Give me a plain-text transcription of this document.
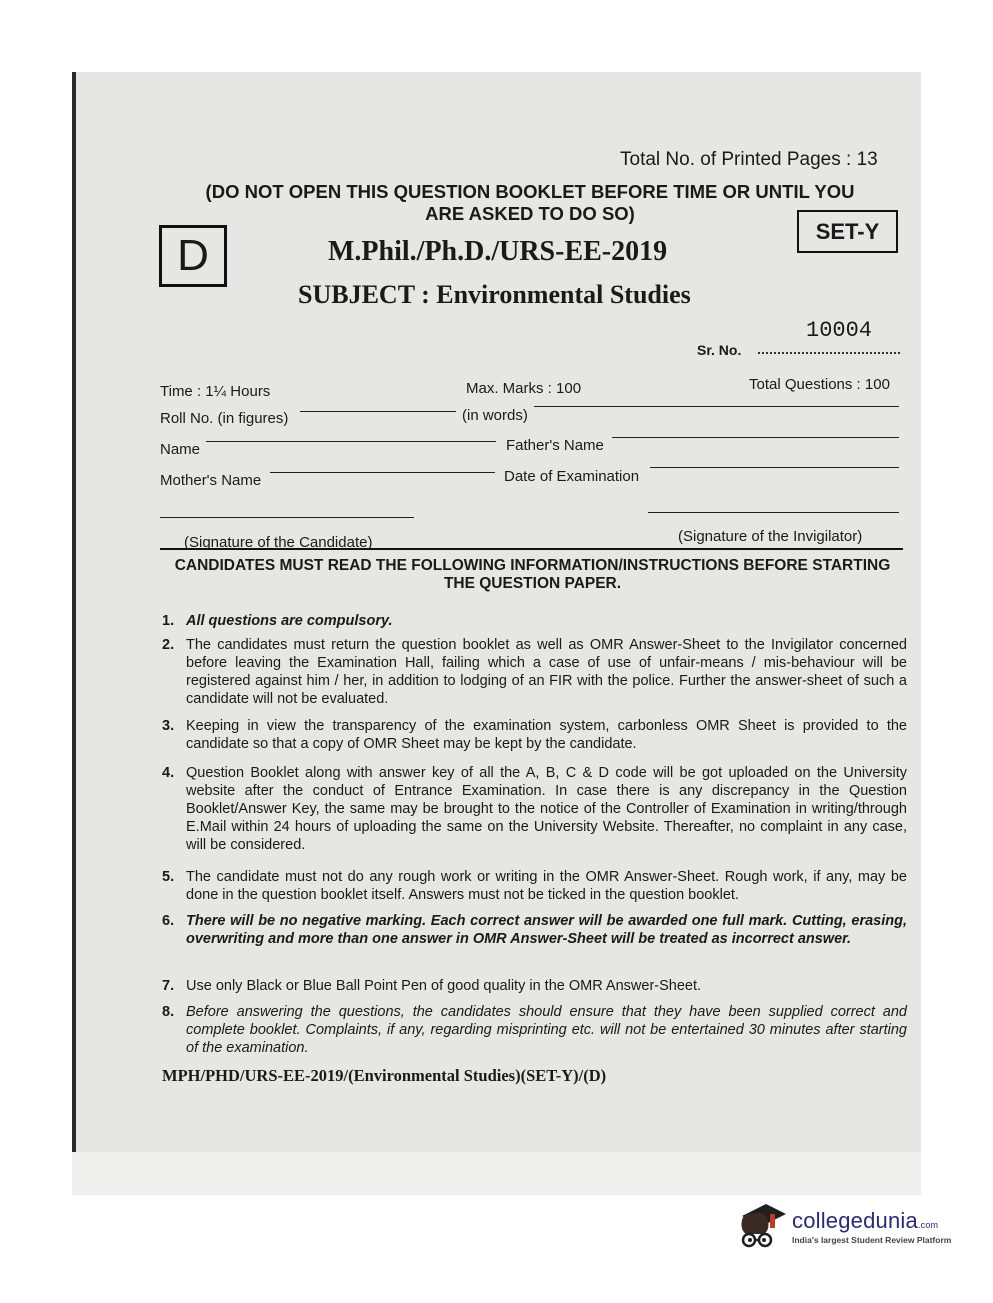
Total No. of Printed Pages : 13
(DO NOT OPEN THIS QUESTION BOOKLET BEFORE TIME OR UNTIL YOU
ARE ASKED TO DO SO)
D	SET-Y
M.Phil./Ph.D./URS-EE-2019
SUBJECT : Environmental Studies
10004
Sr. No.
Time : 1¼ Hours	Max. Marks : 100	Total Questions : 100
Roll No. (in figures)	(in words)
Name	Father's Name
Mother's Name	Date of Examination
(Signature of the Candidate)	(Signature of the Invigilator)
CANDIDATES MUST READ THE FOLLOWING INFORMATION/INSTRUCTIONS BEFORE STARTING THE QUESTION PAPER.
1. All questions are compulsory.
2. The candidates must return the question booklet as well as OMR Answer-Sheet to the Invigilator concerned before leaving the Examination Hall, failing which a case of use of unfair-means / mis-behaviour will be registered against him / her, in addition to lodging of an FIR with the police. Further the answer-sheet of such a candidate will not be evaluated.
3. Keeping in view the transparency of the examination system, carbonless OMR Sheet is provided to the candidate so that a copy of OMR Sheet may be kept by the candidate.
4. Question Booklet along with answer key of all the A, B, C & D code will be got uploaded on the University website after the conduct of Entrance Examination. In case there is any discrepancy in the Question Booklet/Answer Key, the same may be brought to the notice of the Controller of Examination in writing/through E.Mail within 24 hours of uploading the same on the University Website. Thereafter, no complaint in any case, will be considered.
5. The candidate must not do any rough work or writing in the OMR Answer-Sheet. Rough work, if any, may be done in the question booklet itself. Answers must not be ticked in the question booklet.
6. There will be no negative marking. Each correct answer will be awarded one full mark. Cutting, erasing, overwriting and more than one answer in OMR Answer-Sheet will be treated as incorrect answer.
7. Use only Black or Blue Ball Point Pen of good quality in the OMR Answer-Sheet.
8. Before answering the questions, the candidates should ensure that they have been supplied correct and complete booklet. Complaints, if any, regarding misprinting etc. will not be entertained 30 minutes after starting of the examination.
MPH/PHD/URS-EE-2019/(Environmental Studies)(SET-Y)/(D)
collegedunia.com
India's largest Student Review Platform
